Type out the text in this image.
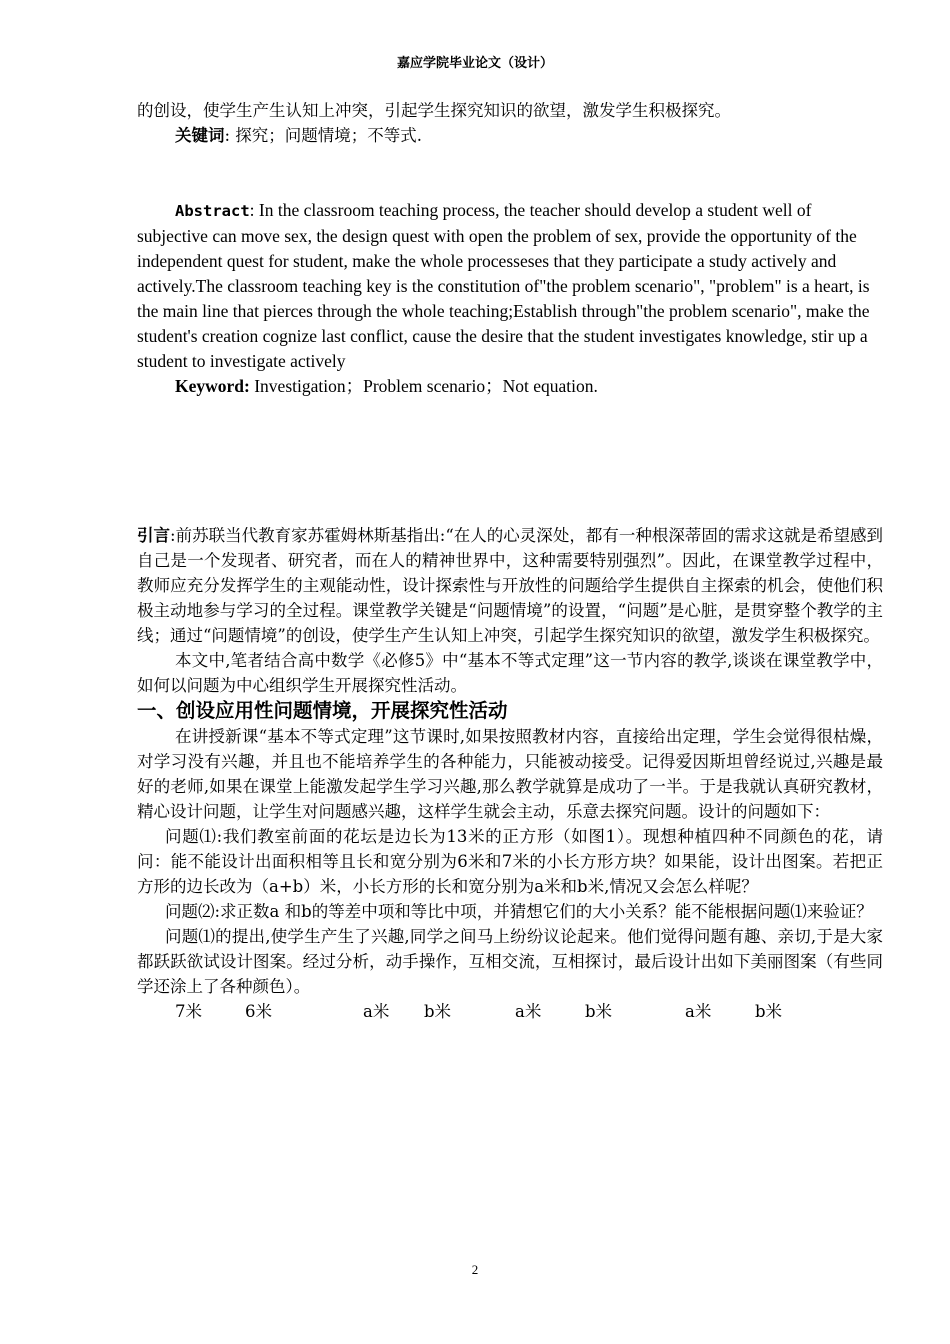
嘉应学院毕业论文（设计）

的创设，使学生产生认知上冲突，引起学生探究知识的欲望，激发学生积极探究。

关键词: 探究；问题情境；不等式.

Abstract: In the classroom teaching process, the teacher should develop a student well of subjective can move sex, the design quest with open the problem of sex, provide the opportunity of the independent quest for student, make the whole processeses that they participate a study actively and actively.The classroom teaching key is the constitution of"the problem scenario", "problem" is a heart, is the main line that pierces through the whole teaching;Establish through"the problem scenario", make the student's creation cognize last conflict, cause the desire that the student investigates knowledge, stir up a student to investigate actively

Keyword: Investigation；Problem scenario；Not equation.

引言:前苏联当代教育家苏霍姆林斯基指出:“在人的心灵深处，都有一种根深蒂固的需求这就是希望感到自己是一个发现者、研究者，而在人的精神世界中，这种需要特别强烈”。因此，在课堂教学过程中，教师应充分发挥学生的主观能动性，设计探索性与开放性的问题给学生提供自主探索的机会，使他们积极主动地参与学习的全过程。课堂教学关键是“问题情境”的设置，“问题”是心脏，是贯穿整个教学的主线；通过“问题情境”的创设，使学生产生认知上冲突，引起学生探究知识的欲望，激发学生积极探究。

本文中,笔者结合高中数学《必修5》中“基本不等式定理”这一节内容的教学,谈谈在课堂教学中，如何以问题为中心组织学生开展探究性活动。

一、创设应用性问题情境，开展探究性活动

在讲授新课“基本不等式定理”这节课时,如果按照教材内容，直接给出定理，学生会觉得很枯燥，对学习没有兴趣，并且也不能培养学生的各种能力，只能被动接受。记得爱因斯坦曾经说过,兴趣是最好的老师,如果在课堂上能激发起学生学习兴趣,那么教学就算是成功了一半。于是我就认真研究教材，精心设计问题，让学生对问题感兴趣，这样学生就会主动，乐意去探究问题。设计的问题如下：

问题⑴:我们教室前面的花坛是边长为13米的正方形（如图1）。现想种植四种不同颜色的花，请问：能不能设计出面积相等且长和宽分别为6米和7米的小长方形方块？如果能，设计出图案。若把正方形的边长改为（a+b）米，小长方形的长和宽分别为a米和b米,情况又会怎么样呢？

问题⑵:求正数a 和b的等差中项和等比中项，并猜想它们的大小关系？能不能根据问题⑴来验证？

问题⑴的提出,使学生产生了兴趣,同学之间马上纷纷议论起来。他们觉得问题有趣、亲切,于是大家都跃跃欲试设计图案。经过分析，动手操作，互相交流，互相探讨，最后设计出如下美丽图案（有些同学还涂上了各种颜色）。

7米

	6米

	a米

b米

	a米

	b米

	a米

	b米

2
